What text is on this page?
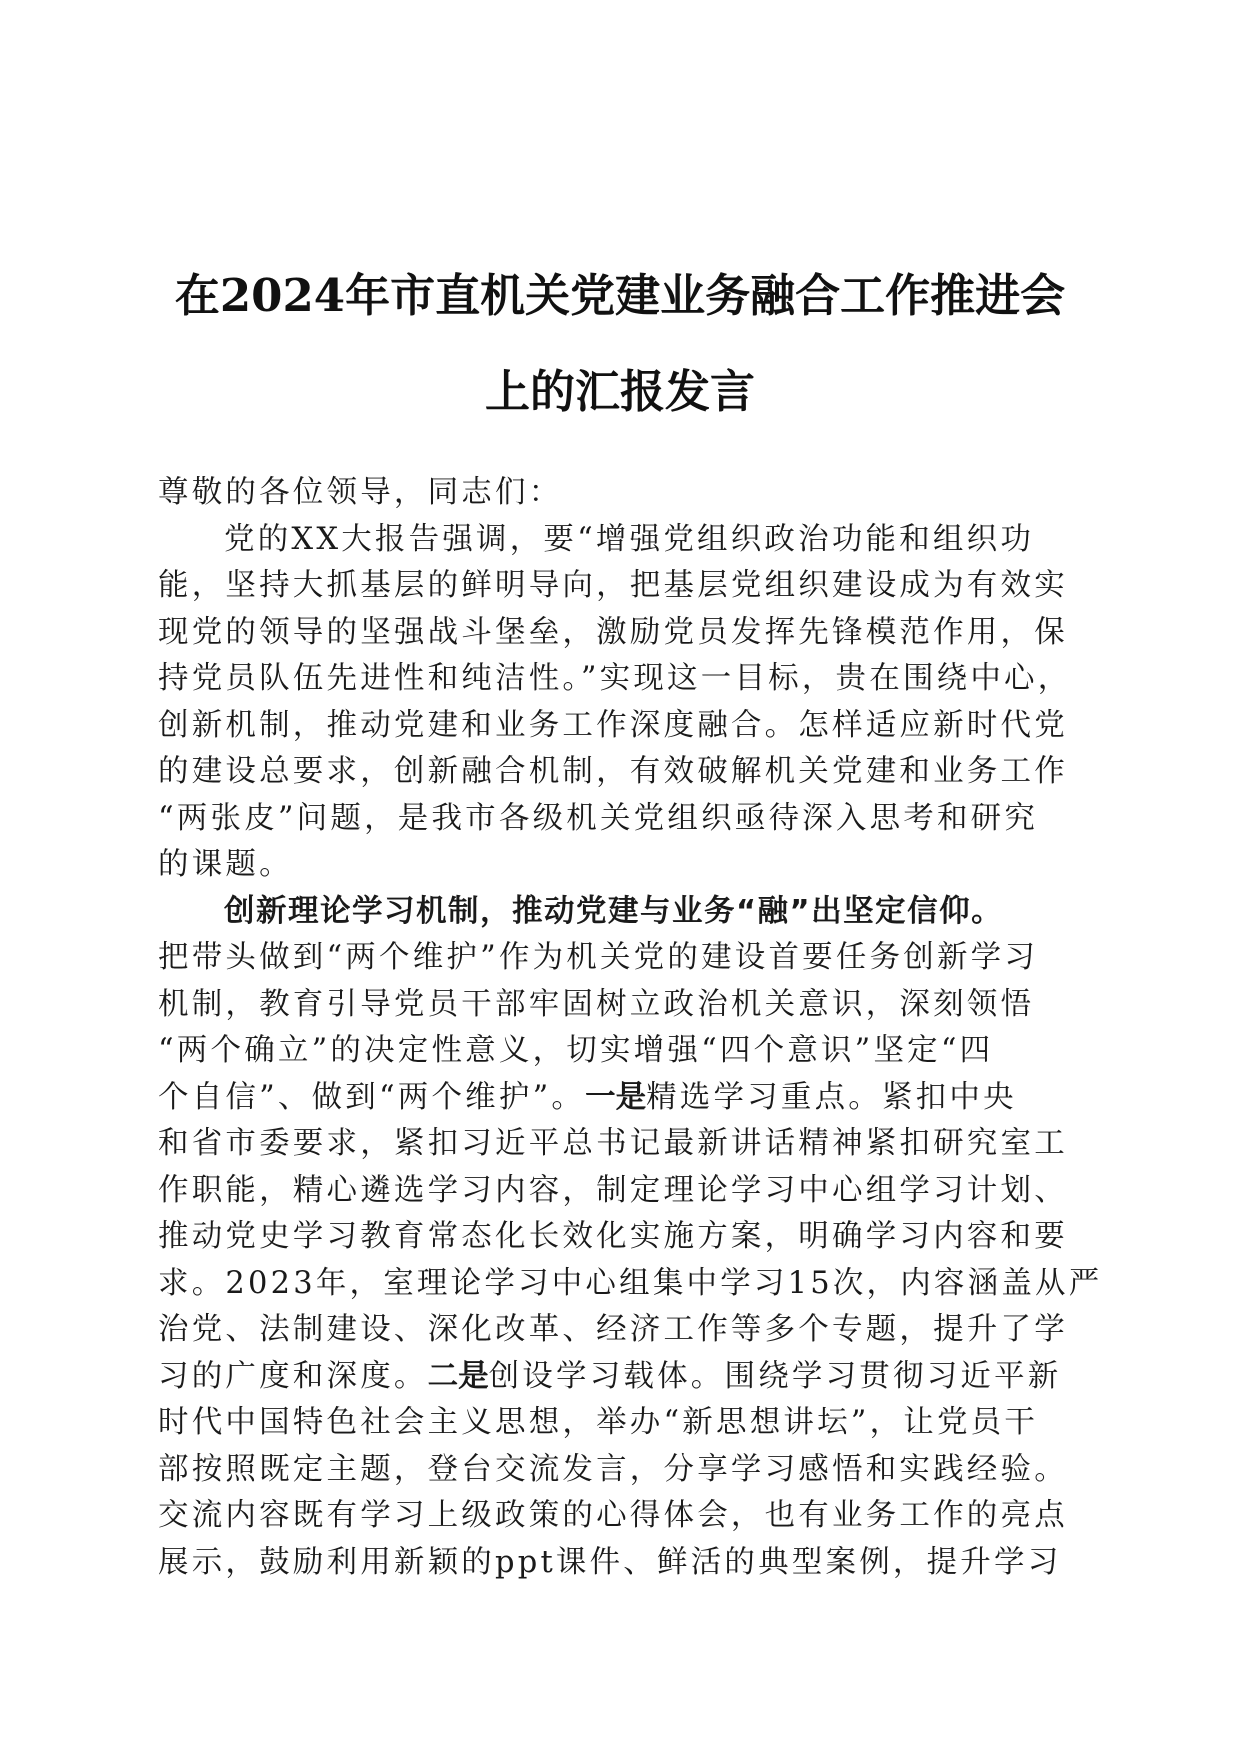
在2024年市直机关党建业务融合工作推进会
上的汇报发言
尊敬的各位领导，同志们：
党的XX大报告强调，要“增强党组织政治功能和组织功
能，坚持大抓基层的鲜明导向，把基层党组织建设成为有效实
现党的领导的坚强战斗堡垒，激励党员发挥先锋模范作用，保
持党员队伍先进性和纯洁性。”实现这一目标，贵在围绕中心，
创新机制，推动党建和业务工作深度融合。怎样适应新时代党
的建设总要求，创新融合机制，有效破解机关党建和业务工作
“两张皮”问题，是我市各级机关党组织亟待深入思考和研究
的课题。
创新理论学习机制，推动党建与业务“融”出坚定信仰。
把带头做到“两个维护”作为机关党的建设首要任务创新学习
机制，教育引导党员干部牢固树立政治机关意识，深刻领悟
“两个确立”的决定性意义，切实增强“四个意识”坚定“四
个自信”、做到“两个维护”。一是精选学习重点。紧扣中央
和省市委要求，紧扣习近平总书记最新讲话精神紧扣研究室工
作职能，精心遴选学习内容，制定理论学习中心组学习计划、
推动党史学习教育常态化长效化实施方案，明确学习内容和要
求。2023年，室理论学习中心组集中学习15次，内容涵盖从严
治党、法制建设、深化改革、经济工作等多个专题，提升了学
习的广度和深度。二是创设学习载体。围绕学习贯彻习近平新
时代中国特色社会主义思想，举办“新思想讲坛”，让党员干
部按照既定主题，登台交流发言，分享学习感悟和实践经验。
交流内容既有学习上级政策的心得体会，也有业务工作的亮点
展示，鼓励利用新颖的ppt课件、鲜活的典型案例，提升学习
